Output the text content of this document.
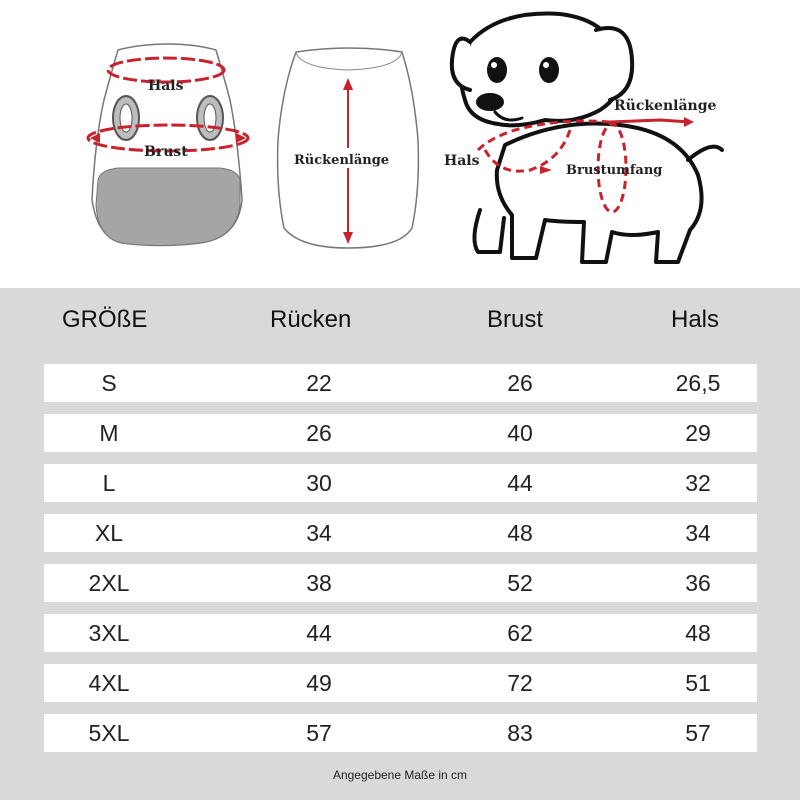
Hals
Brust
Rückenlänge
Rückenlänge
Hals
Brustumfang
GRÖßE	Rücken	Brust	Hals
S	22	26	26,5
M	26	40	29
L	30	44	32
XL	34	48	34
2XL	38	52	36
3XL	44	62	48
4XL	49	72	51
5XL	57	83	57
Angegebene Maße in cm
